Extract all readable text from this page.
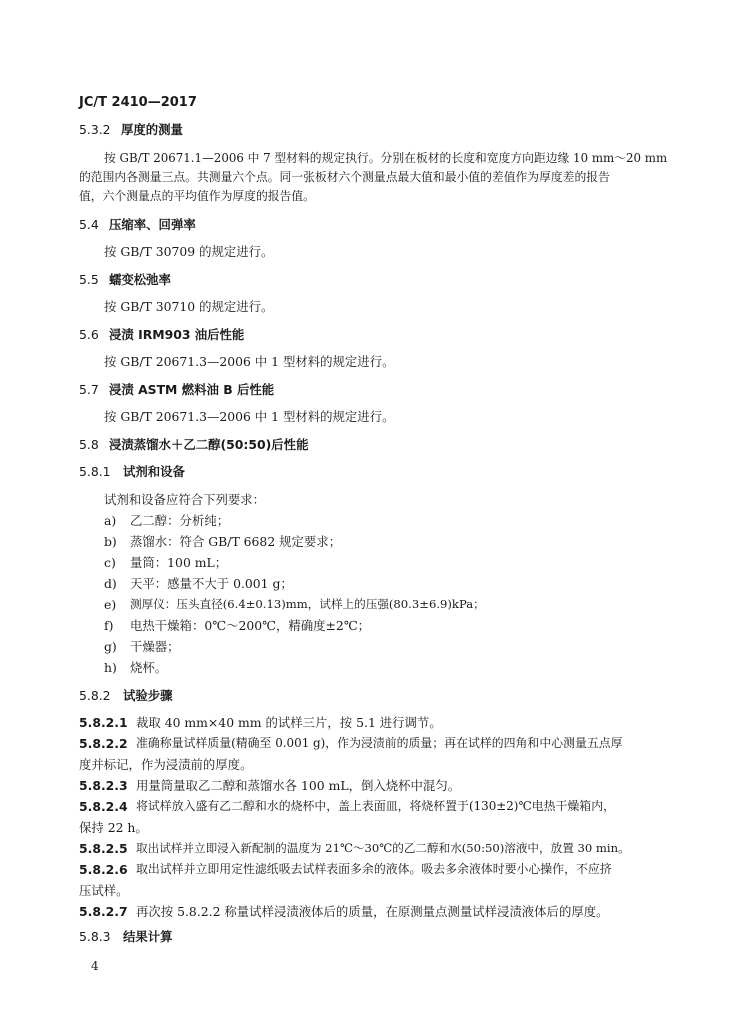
JC/T 2410—2017
5.3.2 厚度的测量
按 GB/T 20671.1—2006 中 7 型材料的规定执行。分别在板材的长度和宽度方向距边缘 10 mm～20 mm
的范围内各测量三点。共测量六个点。同一张板材六个测量点最大值和最小值的差值作为厚度差的报告
值，六个测量点的平均值作为厚度的报告值。
5.4 压缩率、回弹率
按 GB/T 30709 的规定进行。
5.5 蠕变松弛率
按 GB/T 30710 的规定进行。
5.6 浸渍 IRM903 油后性能
按 GB/T 20671.3—2006 中 1 型材料的规定进行。
5.7 浸渍 ASTM 燃料油 B 后性能
按 GB/T 20671.3—2006 中 1 型材料的规定进行。
5.8 浸渍蒸馏水＋乙二醇(50:50)后性能
5.8.1 试剂和设备
试剂和设备应符合下列要求：
a) 乙二醇：分析纯；
b) 蒸馏水：符合 GB/T 6682 规定要求；
c) 量筒：100 mL；
d) 天平：感量不大于 0.001 g；
e) 测厚仪：压头直径(6.4±0.13)mm，试样上的压强(80.3±6.9)kPa；
f) 电热干燥箱：0℃～200℃，精确度±2℃；
g) 干燥器；
h) 烧杯。
5.8.2 试验步骤
5.8.2.1 裁取 40 mm×40 mm 的试样三片，按 5.1 进行调节。
5.8.2.2 准确称量试样质量(精确至 0.001 g)，作为浸渍前的质量；再在试样的四角和中心测量五点厚
度并标记，作为浸渍前的厚度。
5.8.2.3 用量筒量取乙二醇和蒸馏水各 100 mL，倒入烧杯中混匀。
5.8.2.4 将试样放入盛有乙二醇和水的烧杯中，盖上表面皿，将烧杯置于(130±2)℃电热干燥箱内，
保持 22 h。
5.8.2.5 取出试样并立即浸入新配制的温度为 21℃～30℃的乙二醇和水(50:50)溶液中，放置 30 min。
5.8.2.6 取出试样并立即用定性滤纸吸去试样表面多余的液体。吸去多余液体时要小心操作，不应挤
压试样。
5.8.2.7 再次按 5.8.2.2 称量试样浸渍液体后的质量，在原测量点测量试样浸渍液体后的厚度。
5.8.3 结果计算
4
